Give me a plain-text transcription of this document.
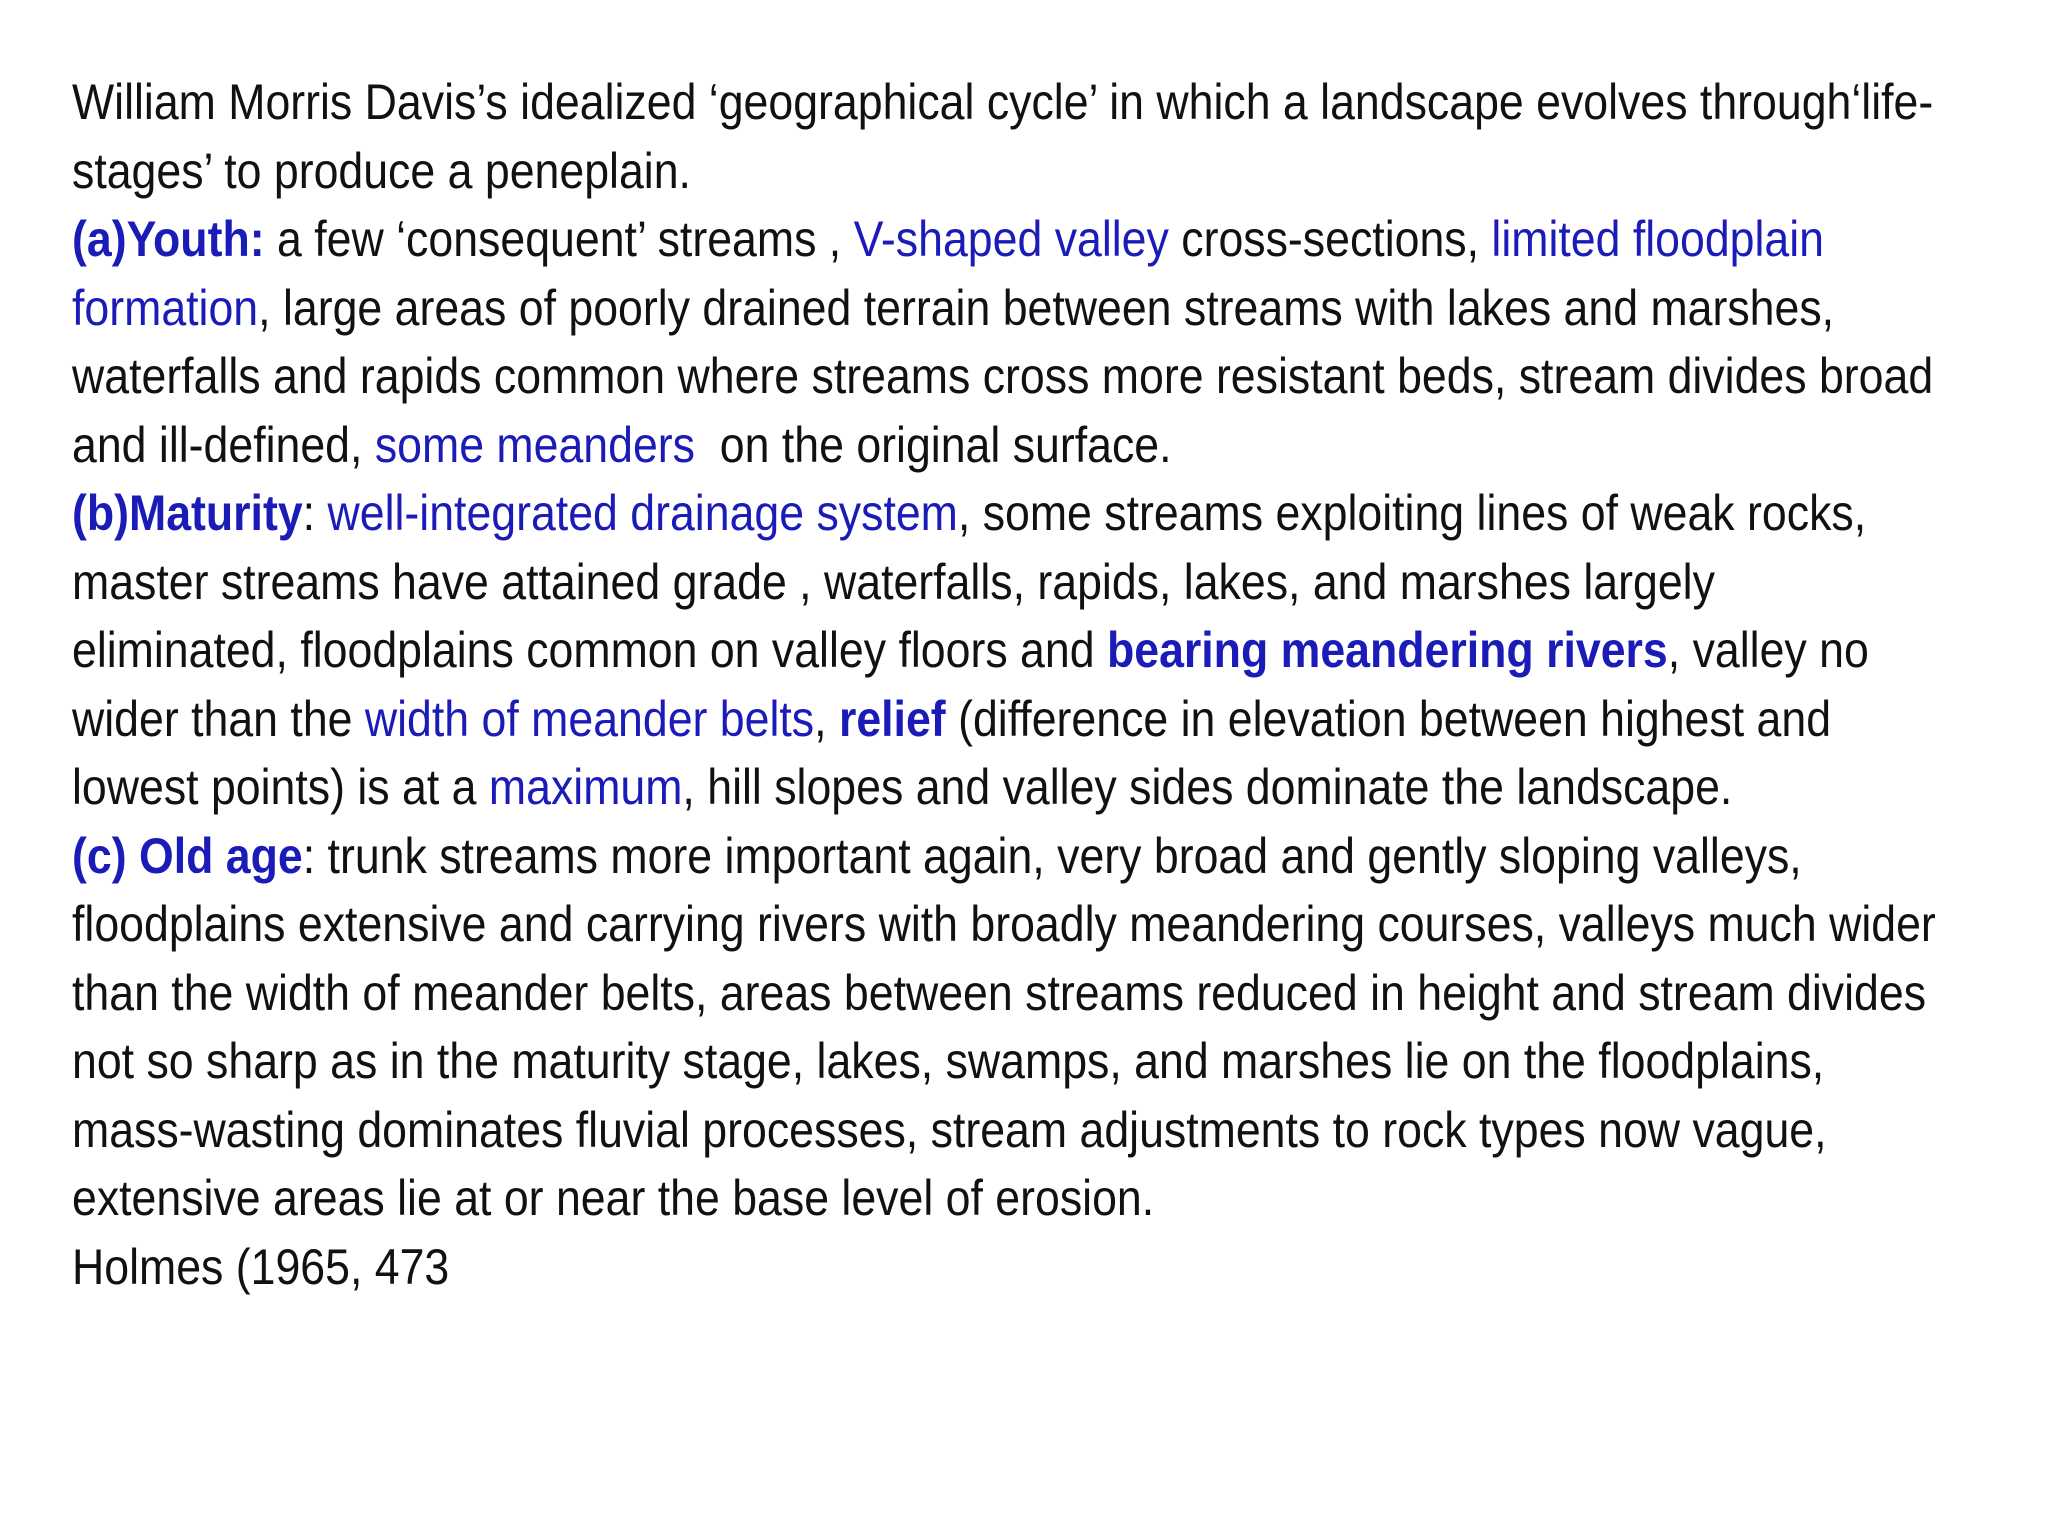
William Morris Davis’s idealized ‘geographical cycle’ in which a landscape evolves through‘life-
stages’ to produce a peneplain.
(a)Youth: a few ‘consequent’ streams , V-shaped valley cross-sections, limited floodplain
formation, large areas of poorly drained terrain between streams with lakes and marshes,
waterfalls and rapids common where streams cross more resistant beds, stream divides broad
and ill-defined, some meanders  on the original surface.
(b)Maturity: well-integrated drainage system, some streams exploiting lines of weak rocks,
master streams have attained grade , waterfalls, rapids, lakes, and marshes largely
eliminated, floodplains common on valley floors and bearing meandering rivers, valley no
wider than the width of meander belts, relief (difference in elevation between highest and
lowest points) is at a maximum, hill slopes and valley sides dominate the landscape.
(c) Old age: trunk streams more important again, very broad and gently sloping valleys,
floodplains extensive and carrying rivers with broadly meandering courses, valleys much wider
than the width of meander belts, areas between streams reduced in height and stream divides
not so sharp as in the maturity stage, lakes, swamps, and marshes lie on the floodplains,
mass-wasting dominates fluvial processes, stream adjustments to rock types now vague,
extensive areas lie at or near the base level of erosion.
Holmes (1965, 473
